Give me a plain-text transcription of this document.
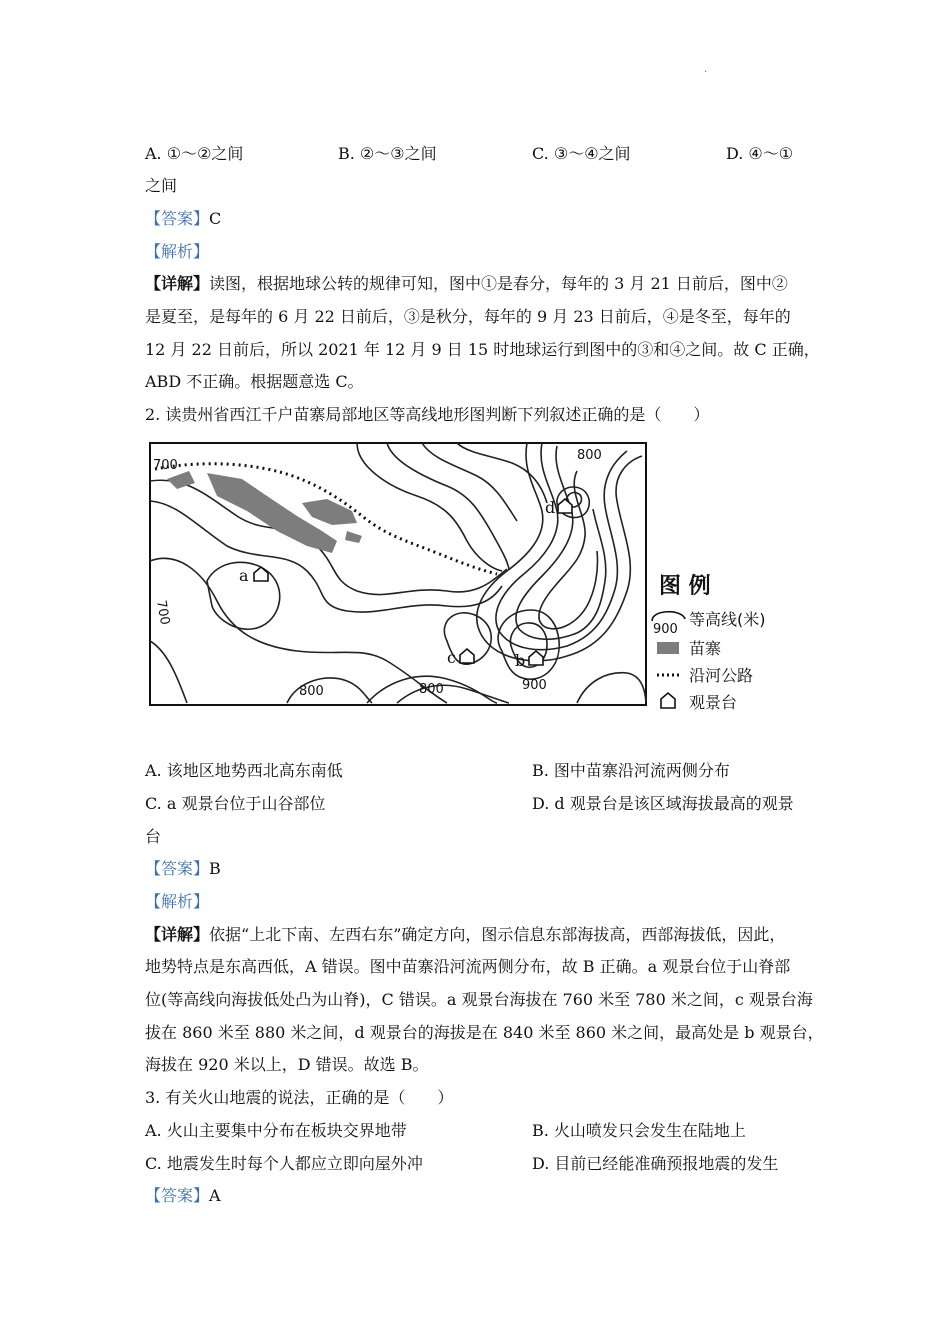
.
A. ①～②之间	B. ②～③之间	C. ③～④之间	D. ④～①
之间
【答案】C
【解析】
【详解】读图，根据地球公转的规律可知，图中①是春分，每年的 3 月 21 日前后，图中②
是夏至，是每年的 6 月 22 日前后，③是秋分，每年的 9 月 23 日前后，④是冬至，每年的
12 月 22 日前后，所以 2021 年 12 月 9 日 15 时地球运行到图中的③和④之间。故 C 正确，
ABD 不正确。根据题意选 C。
2. 读贵州省西江千户苗寨局部地区等高线地形图判断下列叙述正确的是（　　）
700
800
700
800	800	900
a
b
c
d
图 例
900
等高线(米)
苗寨
沿河公路
观景台
A. 该地区地势西北高东南低	B. 图中苗寨沿河流两侧分布
C. a 观景台位于山谷部位	D. d 观景台是该区域海拔最高的观景
台
【答案】B
【解析】
【详解】依据“上北下南、左西右东”确定方向，图示信息东部海拔高，西部海拔低，因此，
地势特点是东高西低，A 错误。图中苗寨沿河流两侧分布，故 B 正确。a 观景台位于山脊部
位(等高线向海拔低处凸为山脊)，C 错误。a 观景台海拔在 760 米至 780 米之间，c 观景台海
拔在 860 米至 880 米之间，d 观景台的海拔是在 840 米至 860 米之间，最高处是 b 观景台，
海拔在 920 米以上，D 错误。故选 B。
3. 有关火山地震的说法，正确的是（　　）
A. 火山主要集中分布在板块交界地带	B. 火山喷发只会发生在陆地上
C. 地震发生时每个人都应立即向屋外冲	D. 目前已经能准确预报地震的发生
【答案】A
